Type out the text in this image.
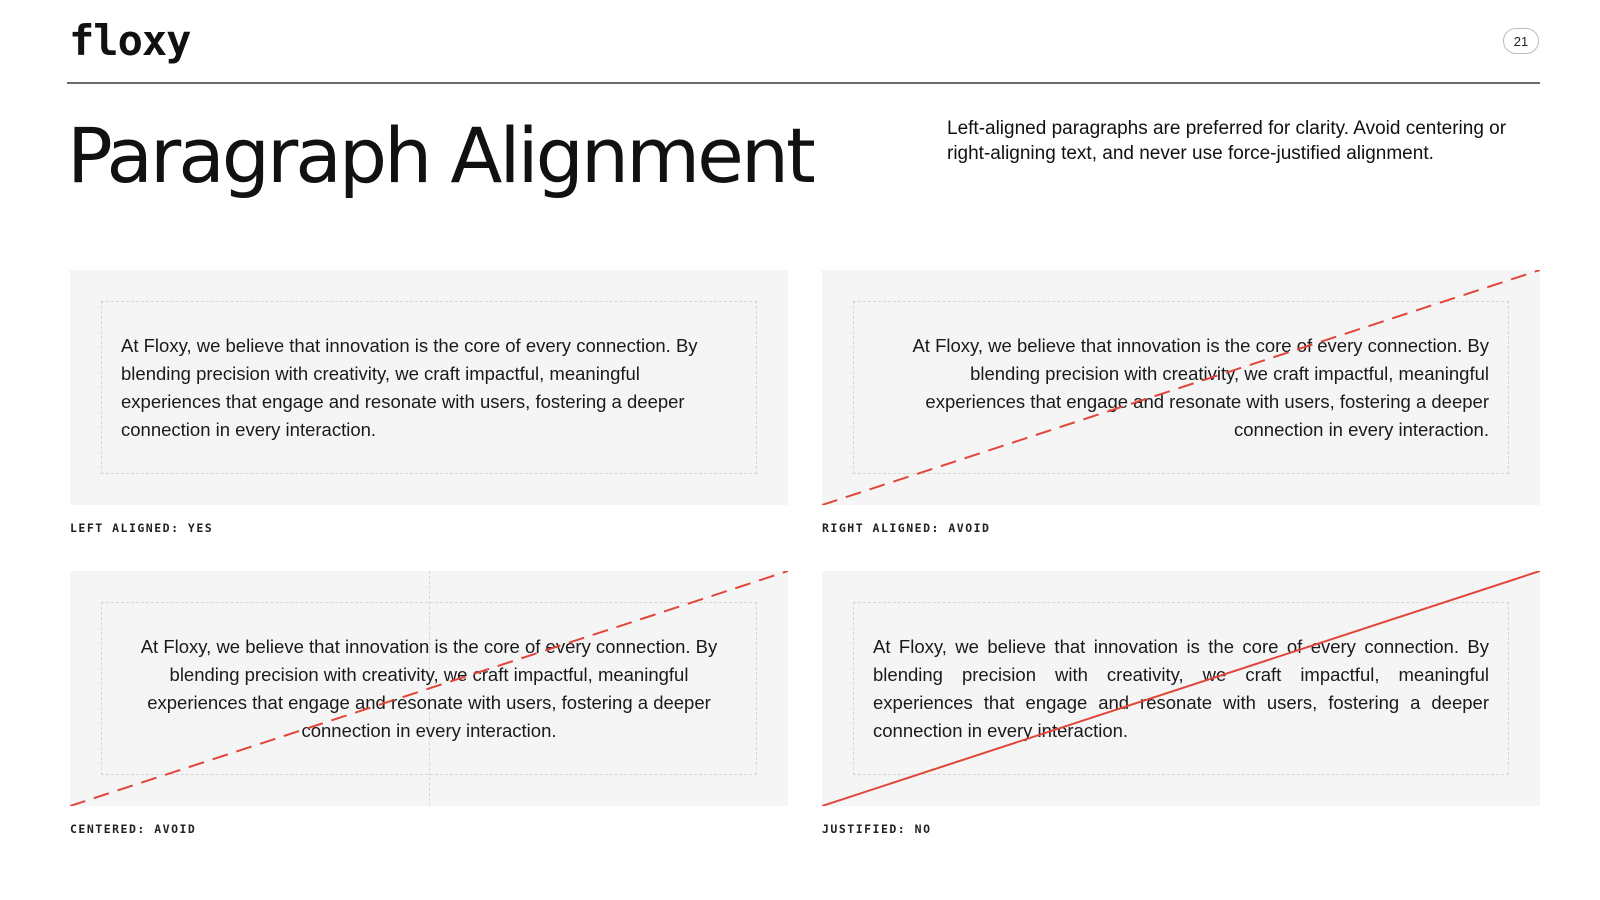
floxy	21
Paragraph Alignment	Left-aligned paragraphs are preferred for clarity. Avoid centering or right-aligning text, and never use force-justified alignment.

At Floxy, we believe that innovation is the core of every connection. By blending precision with creativity, we craft impactful, meaningful experiences that engage and resonate with users, fostering a deeper connection in every interaction.

LEFT ALIGNED: YES

At Floxy, we believe that innovation is the core of every connection. By blending precision with creativity, we craft impactful, meaningful experiences that engage and resonate with users, fostering a deeper connection in every interaction.

RIGHT ALIGNED: AVOID

At Floxy, we believe that innovation is the core of every connection. By blending precision with creativity, we craft impactful, meaningful experiences that engage and resonate with users, fostering a deeper connection in every interaction.

CENTERED: AVOID

At Floxy, we believe that innovation is the core of every connection. By blending precision with creativity, we craft impactful, meaningful experiences that engage and resonate with users, fostering a deeper connection in every interaction.

JUSTIFIED: NO
